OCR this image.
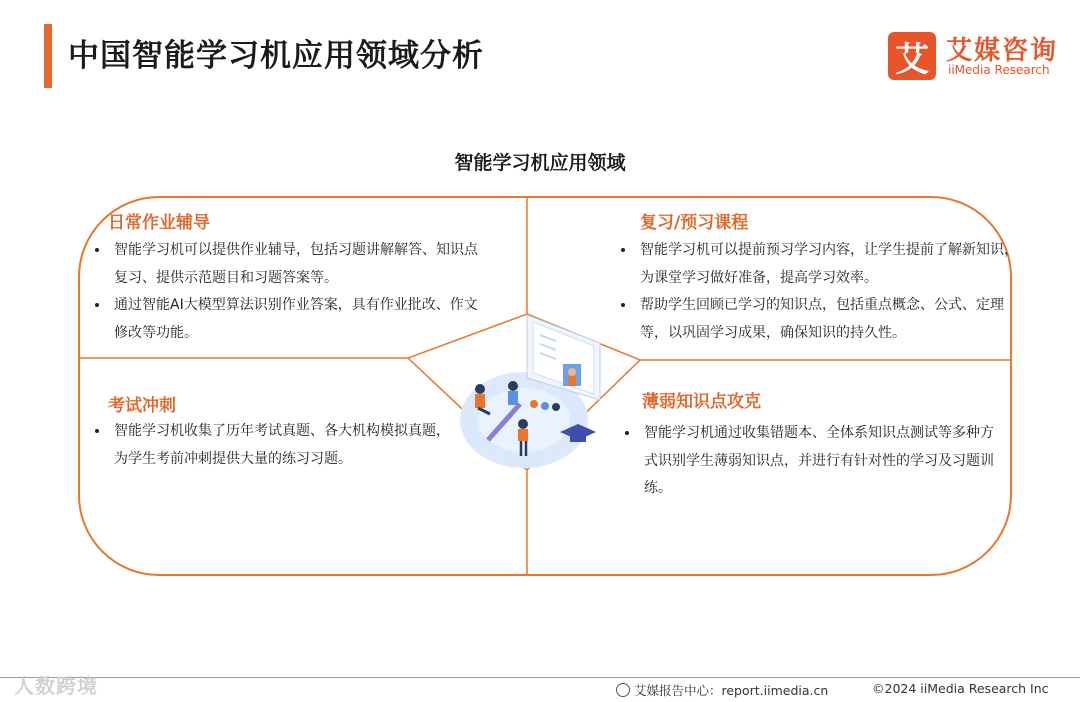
中国智能学习机应用领域分析	艾 艾媒咨询
iiMedia Research
智能学习机应用领域
日常作业辅导
• 智能学习机可以提供作业辅导，包括习题讲解解答、知识点复习、提供示范题目和习题答案等。
• 通过智能AI大模型算法识别作业答案，具有作业批改、作文修改等功能。
复习/预习课程
• 智能学习机可以提前预习学习内容，让学生提前了解新知识，为课堂学习做好准备，提高学习效率。
• 帮助学生回顾已学习的知识点，包括重点概念、公式、定理等，以巩固学习成果，确保知识的持久性。
考试冲刺
• 智能学习机收集了历年考试真题、各大机构模拟真题，为学生考前冲刺提供大量的练习习题。
薄弱知识点攻克
• 智能学习机通过收集错题本、全体系知识点测试等多种方式识别学生薄弱知识点，并进行有针对性的学习及习题训练。
人数跨境	艾媒报告中心：report.iimedia.cn	©2024 iiMedia Research Inc
